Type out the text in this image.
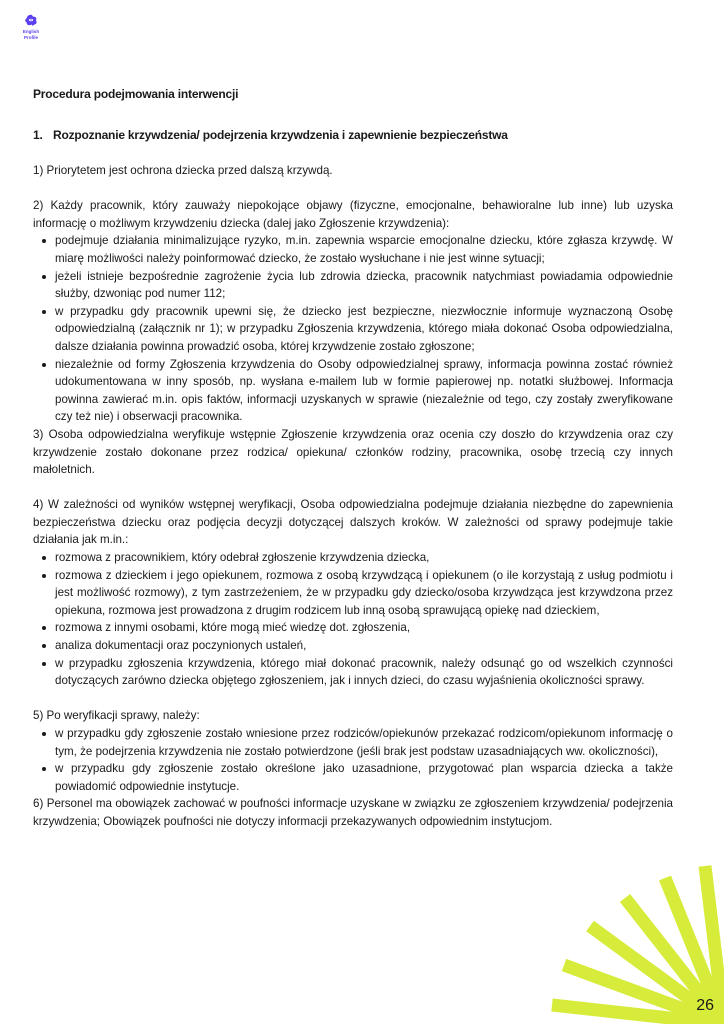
English
Profile
Procedura podejmowania interwencji
1. Rozpoznanie krzywdzenia/ podejrzenia krzywdzenia i zapewnienie bezpieczeństwa

1) Priorytetem jest ochrona dziecka przed dalszą krzywdą.

2) Każdy pracownik, który zauważy niepokojące objawy (fizyczne, emocjonalne, behawioralne lub inne) lub uzyska informację o możliwym krzywdzeniu dziecka (dalej jako Zgłoszenie krzywdzenia):

podejmuje działania minimalizujące ryzyko, m.in. zapewnia wsparcie emocjonalne dziecku, które zgłasza krzywdę. W miarę możliwości należy poinformować dziecko, że zostało wysłuchane i nie jest winne sytuacji;
jeżeli istnieje bezpośrednie zagrożenie życia lub zdrowia dziecka, pracownik natychmiast powiadamia odpowiednie służby, dzwoniąc pod numer 112;
w przypadku gdy pracownik upewni się, że dziecko jest bezpieczne, niezwłocznie informuje wyznaczoną Osobę odpowiedzialną (załącznik nr 1); w przypadku Zgłoszenia krzywdzenia, którego miała dokonać Osoba odpowiedzialna, dalsze działania powinna prowadzić osoba, której krzywdzenie zostało zgłoszone;
niezależnie od formy Zgłoszenia krzywdzenia do Osoby odpowiedzialnej sprawy, informacja powinna zostać również udokumentowana w inny sposób, np. wysłana e-mailem lub w formie papierowej np. notatki służbowej. Informacja powinna zawierać m.in. opis faktów, informacji uzyskanych w sprawie (niezależnie od tego, czy zostały zweryfikowane czy też nie) i obserwacji pracownika.

3) Osoba odpowiedzialna weryfikuje wstępnie Zgłoszenie krzywdzenia oraz ocenia czy doszło do krzywdzenia oraz czy krzywdzenie zostało dokonane przez rodzica/ opiekuna/ członków rodziny, pracownika, osobę trzecią czy innych małoletnich.

4) W zależności od wyników wstępnej weryfikacji, Osoba odpowiedzialna podejmuje działania niezbędne do zapewnienia bezpieczeństwa dziecku oraz podjęcia decyzji dotyczącej dalszych kroków. W zależności od sprawy podejmuje takie działania jak m.in.:

rozmowa z pracownikiem, który odebrał zgłoszenie krzywdzenia dziecka,
rozmowa z dzieckiem i jego opiekunem, rozmowa z osobą krzywdzącą i opiekunem (o ile korzystają z usług podmiotu i jest możliwość rozmowy), z tym zastrzeżeniem, że w przypadku gdy dziecko/osoba krzywdząca jest krzywdzona przez opiekuna, rozmowa jest prowadzona z drugim rodzicem lub inną osobą sprawującą opiekę nad dzieckiem,
rozmowa z innymi osobami, które mogą mieć wiedzę dot. zgłoszenia,
analiza dokumentacji oraz poczynionych ustaleń,
w przypadku zgłoszenia krzywdzenia, którego miał dokonać pracownik, należy odsunąć go od wszelkich czynności dotyczących zarówno dziecka objętego zgłoszeniem, jak i innych dzieci, do czasu wyjaśnienia okoliczności sprawy.

5) Po weryfikacji sprawy, należy:

w przypadku gdy zgłoszenie zostało wniesione przez rodziców/opiekunów przekazać rodzicom/opiekunom informację o tym, że podejrzenia krzywdzenia nie zostało potwierdzone (jeśli brak jest podstaw uzasadniających ww. okoliczności),
w przypadku gdy zgłoszenie zostało określone jako uzasadnione, przygotować plan wsparcia dziecka a także powiadomić odpowiednie instytucje.

6) Personel ma obowiązek zachować w poufności informacje uzyskane w związku ze zgłoszeniem krzywdzenia/ podejrzenia krzywdzenia; Obowiązek poufności nie dotyczy informacji przekazywanych odpowiednim instytucjom.

26
